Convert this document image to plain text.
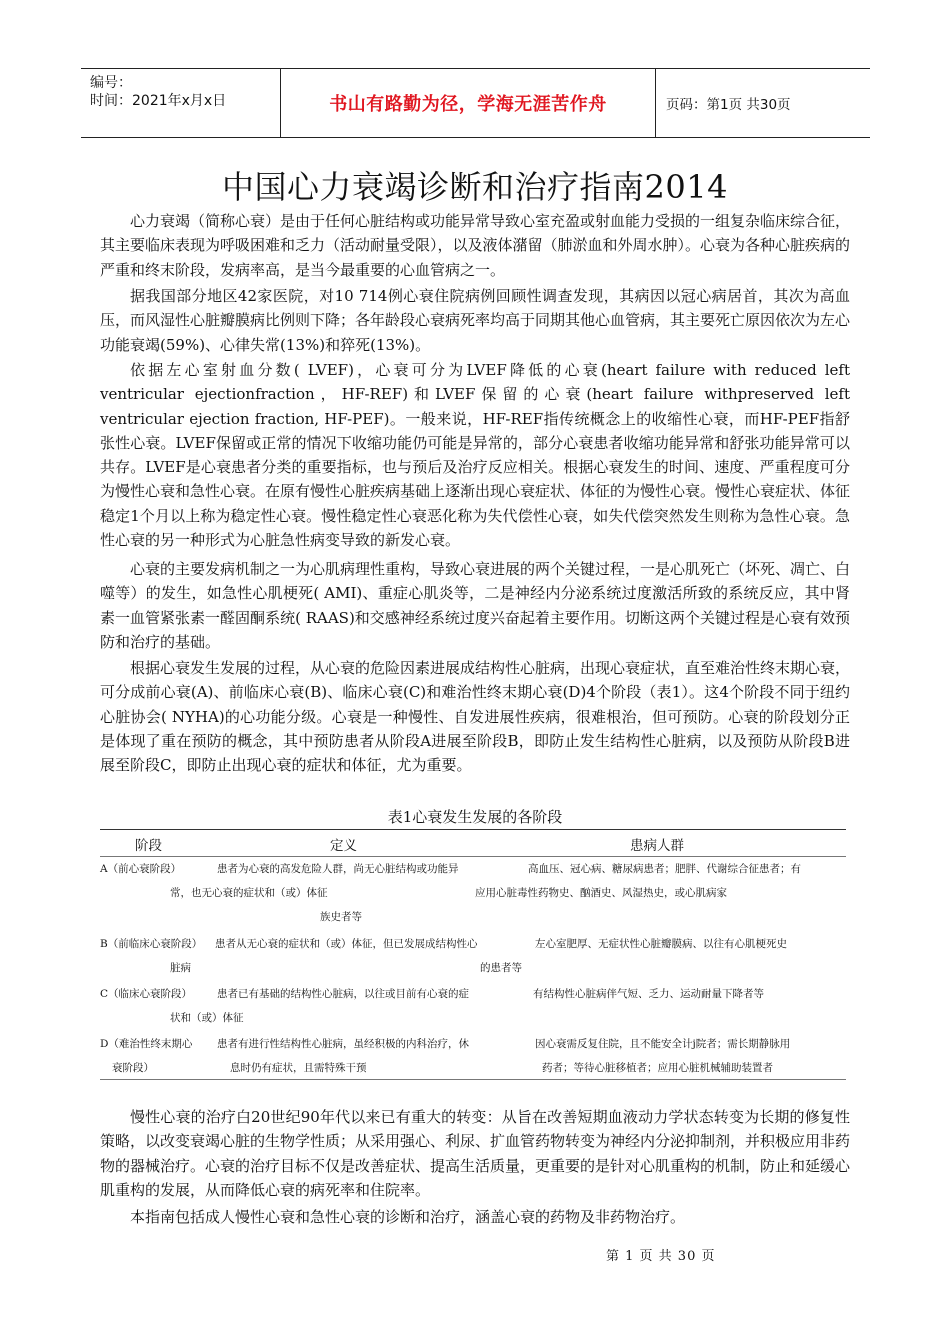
编号：
时间：2021年x月x日	书山有路勤为径，学海无涯苦作舟	页码：第1页 共30页
中国心力衰竭诊断和治疗指南2014

心力衰竭（简称心衰）是由于任何心脏结构或功能异常导致心室充盈或射血能力受损的一组复杂临床综合征，其主要临床表现为呼吸困难和乏力（活动耐量受限），以及液体潴留（肺淤血和外周水肿）。心衰为各种心脏疾病的严重和终末阶段，发病率高，是当今最重要的心血管病之一。

据我国部分地区42家医院，对10 714例心衰住院病例回顾性调查发现，其病因以冠心病居首，其次为高血压，而风湿性心脏瓣膜病比例则下降；各年龄段心衰病死率均高于同期其他心血管病，其主要死亡原因依次为左心功能衰竭(59%)、心律失常(13%)和猝死(13%)。

依据左心室射血分数( LVEF)，心衰可分为LVEF降低的心衰(heart failure with reduced left ventricular ejectionfraction，HF-REF)和LVEF保留的心衰(heart failure withpreserved left ventricular ejection fraction, HF-PEF)。一般来说，HF-REF指传统概念上的收缩性心衰，而HF-PEF指舒张性心衰。LVEF保留或正常的情况下收缩功能仍可能是异常的，部分心衰患者收缩功能异常和舒张功能异常可以共存。LVEF是心衰患者分类的重要指标，也与预后及治疗反应相关。根据心衰发生的时间、速度、严重程度可分为慢性心衰和急性心衰。在原有慢性心脏疾病基础上逐渐出现心衰症状、体征的为慢性心衰。慢性心衰症状、体征稳定1个月以上称为稳定性心衰。慢性稳定性心衰恶化称为失代偿性心衰，如失代偿突然发生则称为急性心衰。急性心衰的另一种形式为心脏急性病变导致的新发心衰。

心衰的主要发病机制之一为心肌病理性重构，导致心衰进展的两个关键过程，一是心肌死亡（坏死、凋亡、白噬等）的发生，如急性心肌梗死( AMI)、重症心肌炎等，二是神经内分泌系统过度激活所致的系统反应，其中肾素一血管紧张素一醛固酮系统( RAAS)和交感神经系统过度兴奋起着主要作用。切断这两个关键过程是心衰有效预防和治疗的基础。

根据心衰发生发展的过程，从心衰的危险因素进展成结构性心脏病，出现心衰症状，直至难治性终末期心衰，可分成前心衰(A)、前临床心衰(B)、临床心衰(C)和难治性终末期心衰(D)4个阶段（表1）。这4个阶段不同于纽约心脏协会( NYHA)的心功能分级。心衰是一种慢性、自发进展性疾病，很难根治，但可预防。心衰的阶段划分正是体现了重在预防的概念，其中预防患者从阶段A进展至阶段B，即防止发生结构性心脏病，以及预防从阶段B进展至阶段C，即防止出现心衰的症状和体征，尤为重要。

表1心衰发生发展的各阶段
阶段	定义	患病人群
A（前心衰阶段）	患者为心衰的高发危险人群，尚无心脏结构或功能异	高血压、冠心病、糖尿病患者；肥胖、代谢综合征患者；有
常，也无心衰的症状和（或）体征	应用心脏毒性药物史、酗酒史、风湿热史，或心肌病家
族史者等
B（前临床心衰阶段） 患者从无心衰的症状和（或）体征，但已发展成结构性心	左心室肥厚、无症状性心脏瓣膜病、以往有心肌梗死史
脏病	的患者等
C（临床心衰阶段） 患者已有基础的结构性心脏病，以往或目前有心衰的症	有结构性心脏病伴气短、乏力、运动耐量下降者等
状和（或）体征
D（难治性终末期心 患者有进行性结构性心脏病，虽经积极的内科治疗，休	因心衰需反复住院，且不能安全计j院者；需长期静脉用
衰阶段）	息时仍有症状，且需特殊干预	药者；等待心脏移植者；应用心脏机械辅助装置者

慢性心衰的治疗白20世纪90年代以来已有重大的转变：从旨在改善短期血液动力学状态转变为长期的修复性策略，以改变衰竭心脏的生物学性质；从采用强心、利尿、扩血管药物转变为神经内分泌抑制剂，并积极应用非药物的器械治疗。心衰的治疗目标不仅是改善症状、提高生活质量，更重要的是针对心肌重构的机制，防止和延缓心肌重构的发展，从而降低心衰的病死率和住院率。

本指南包括成人慢性心衰和急性心衰的诊断和治疗，涵盖心衰的药物及非药物治疗。

第 1 页 共 30 页
